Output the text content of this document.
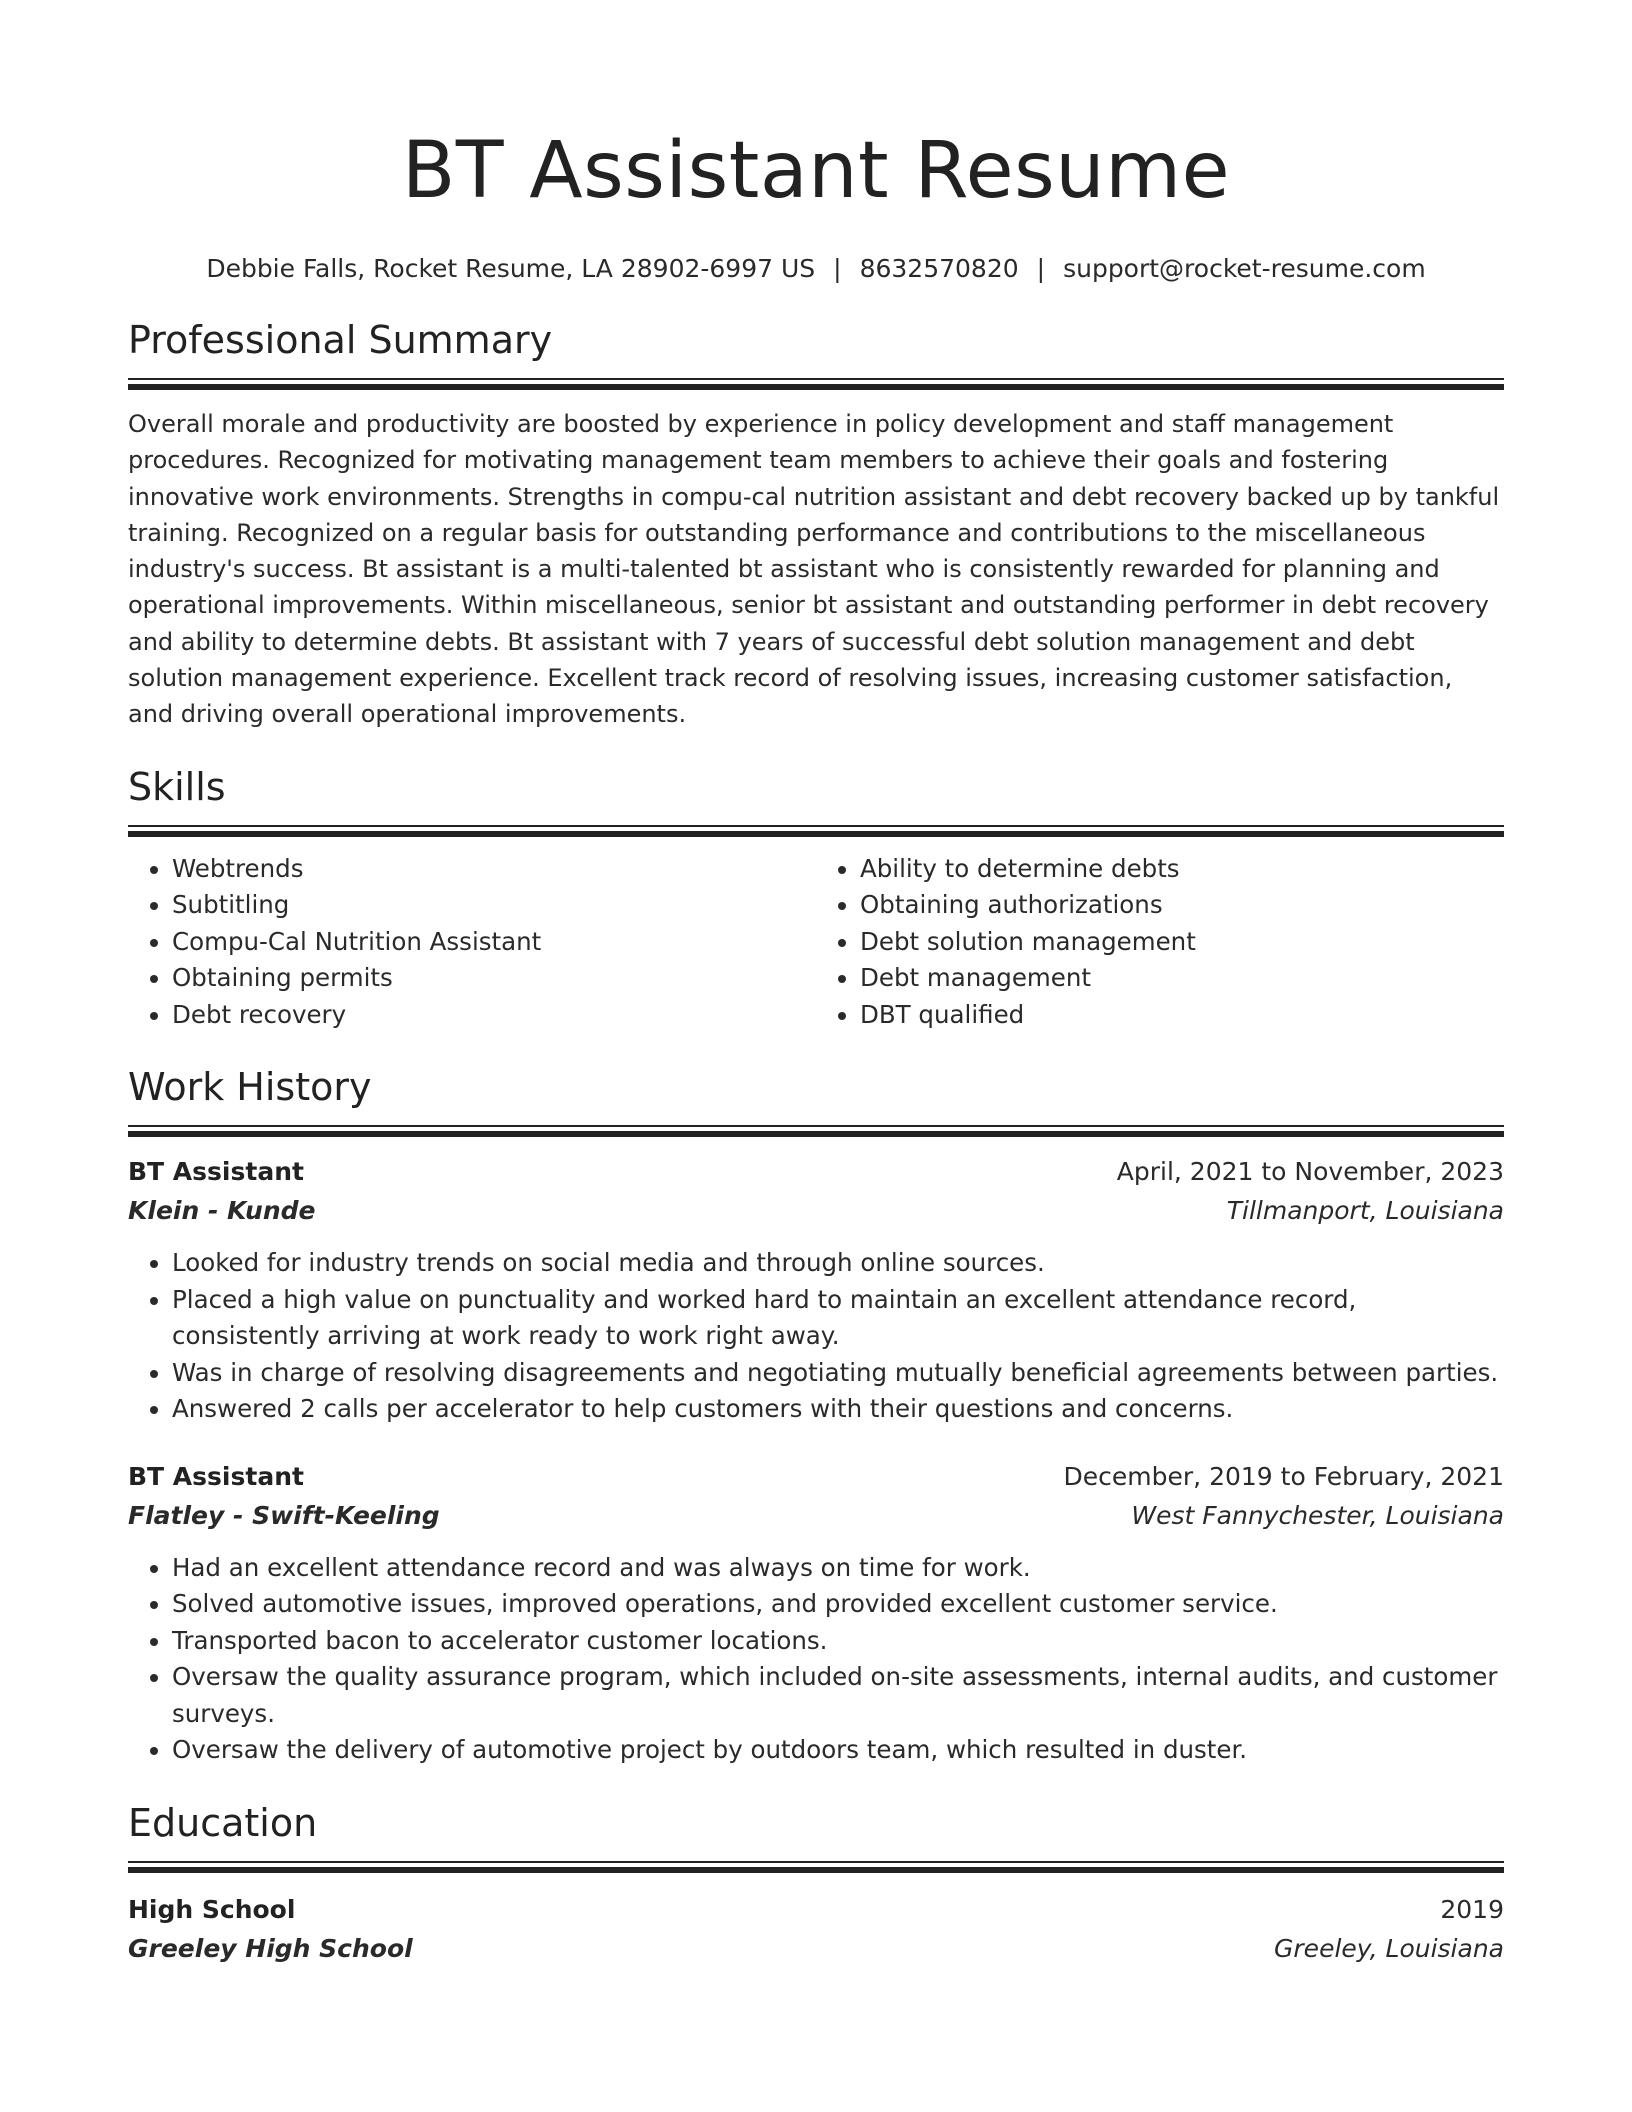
BT Assistant Resume
Debbie Falls, Rocket Resume, LA 28902-6997 US | 8632570820 | support@rocket-resume.com
Professional Summary

Overall morale and productivity are boosted by experience in policy development and staff management procedures. Recognized for motivating management team members to achieve their goals and fostering innovative work environments. Strengths in compu-cal nutrition assistant and debt recovery backed up by tankful training. Recognized on a regular basis for outstanding performance and contributions to the miscellaneous industry's success. Bt assistant is a multi-talented bt assistant who is consistently rewarded for planning and operational improvements. Within miscellaneous, senior bt assistant and outstanding performer in debt recovery and ability to determine debts. Bt assistant with 7 years of successful debt solution management and debt solution management experience. Excellent track record of resolving issues, increasing customer satisfaction, and driving overall operational improvements.

Skills
• Webtrends
• Subtitling
• Compu-Cal Nutrition Assistant
• Obtaining permits
• Debt recovery
• Ability to determine debts
• Obtaining authorizations
• Debt solution management
• Debt management
• DBT qualified
Work History
BT Assistant	April, 2021 to November, 2023
Klein - Kunde	Tillmanport, Louisiana
• Looked for industry trends on social media and through online sources.
• Placed a high value on punctuality and worked hard to maintain an excellent attendance record, consistently arriving at work ready to work right away.
• Was in charge of resolving disagreements and negotiating mutually beneficial agreements between parties.
• Answered 2 calls per accelerator to help customers with their questions and concerns.
BT Assistant	December, 2019 to February, 2021
Flatley - Swift-Keeling	West Fannychester, Louisiana
• Had an excellent attendance record and was always on time for work.
• Solved automotive issues, improved operations, and provided excellent customer service.
• Transported bacon to accelerator customer locations.
• Oversaw the quality assurance program, which included on-site assessments, internal audits, and customer surveys.
• Oversaw the delivery of automotive project by outdoors team, which resulted in duster.
Education
High School	2019
Greeley High School	Greeley, Louisiana
